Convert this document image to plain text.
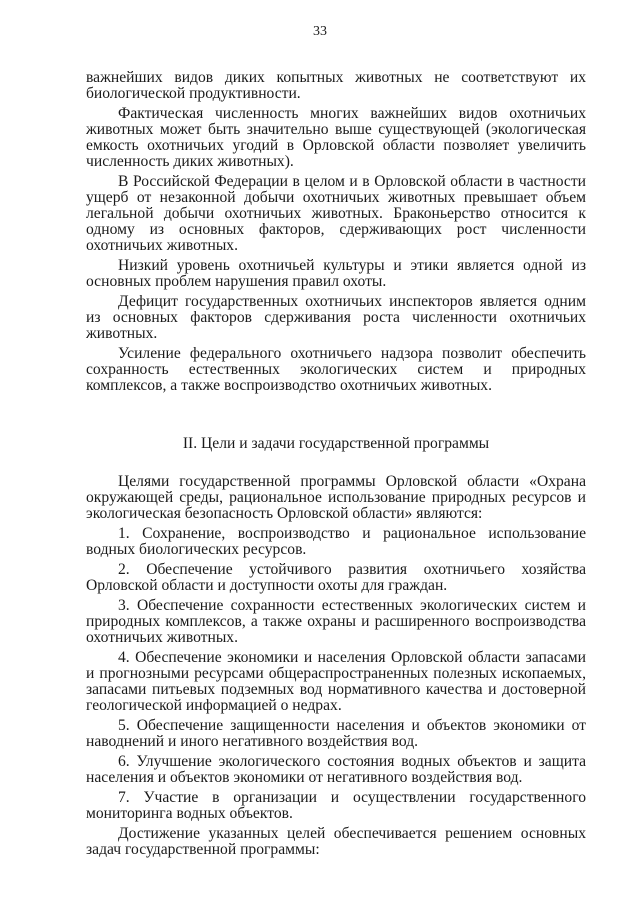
33

важнейших видов диких копытных животных не соответствуют их биологической продуктивности.

Фактическая численность многих важнейших видов охотничьих животных может быть значительно выше существующей (экологическая емкость охотничьих угодий в Орловской области позволяет увеличить численность диких животных).

В Российской Федерации в целом и в Орловской области в частности ущерб от незаконной добычи охотничьих животных превышает объем легальной добычи охотничьих животных. Браконьерство относится к одному из основных факторов, сдерживающих рост численности охотничьих животных.

Низкий уровень охотничьей культуры и этики является одной из основных проблем нарушения правил охоты.

Дефицит государственных охотничьих инспекторов является одним из основных факторов сдерживания роста численности охотничьих животных.

Усиление федерального охотничьего надзора позволит обеспечить сохранность естественных экологических систем и природных комплексов, а также воспроизводство охотничьих животных.

II. Цели и задачи государственной программы

Целями государственной программы Орловской области «Охрана окружающей среды, рациональное использование природных ресурсов и экологическая безопасность Орловской области» являются:

1. Сохранение, воспроизводство и рациональное использование водных биологических ресурсов.

2. Обеспечение устойчивого развития охотничьего хозяйства Орловской области и доступности охоты для граждан.

3. Обеспечение сохранности естественных экологических систем и природных комплексов, а также охраны и расширенного воспроизводства охотничьих животных.

4. Обеспечение экономики и населения Орловской области запасами и прогнозными ресурсами общераспространенных полезных ископаемых, запасами питьевых подземных вод нормативного качества и достоверной геологической информацией о недрах.

5. Обеспечение защищенности населения и объектов экономики от наводнений и иного негативного воздействия вод.

6. Улучшение экологического состояния водных объектов и защита населения и объектов экономики от негативного воздействия вод.

7. Участие в организации и осуществлении государственного мониторинга водных объектов.

Достижение указанных целей обеспечивается решением основных задач государственной программы:
